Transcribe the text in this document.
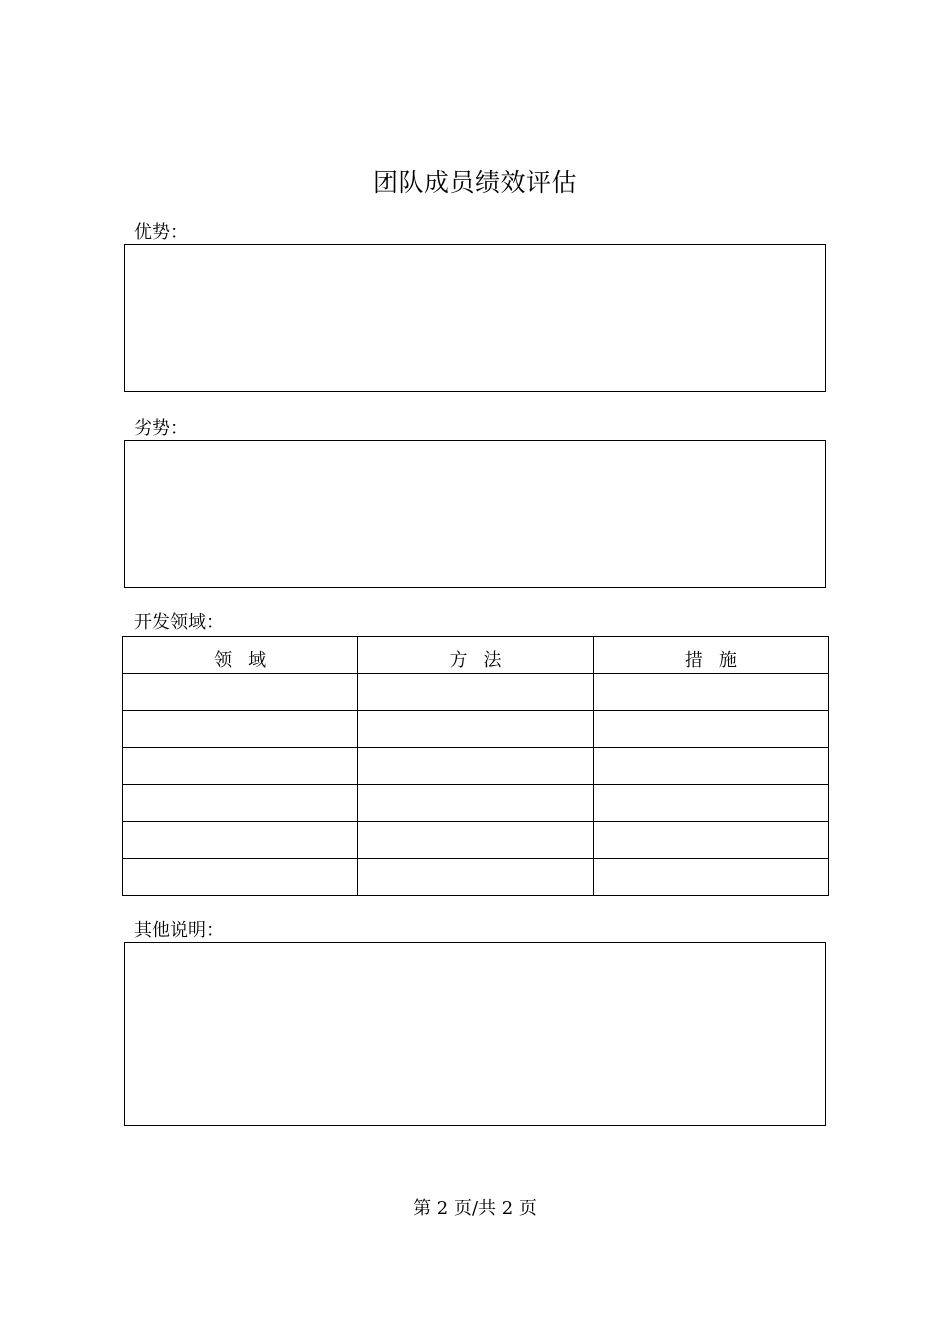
团队成员绩效评估
优势：
劣势：
开发领域：
领域	方法	措施

其他说明：
第 2 页/共 2 页
